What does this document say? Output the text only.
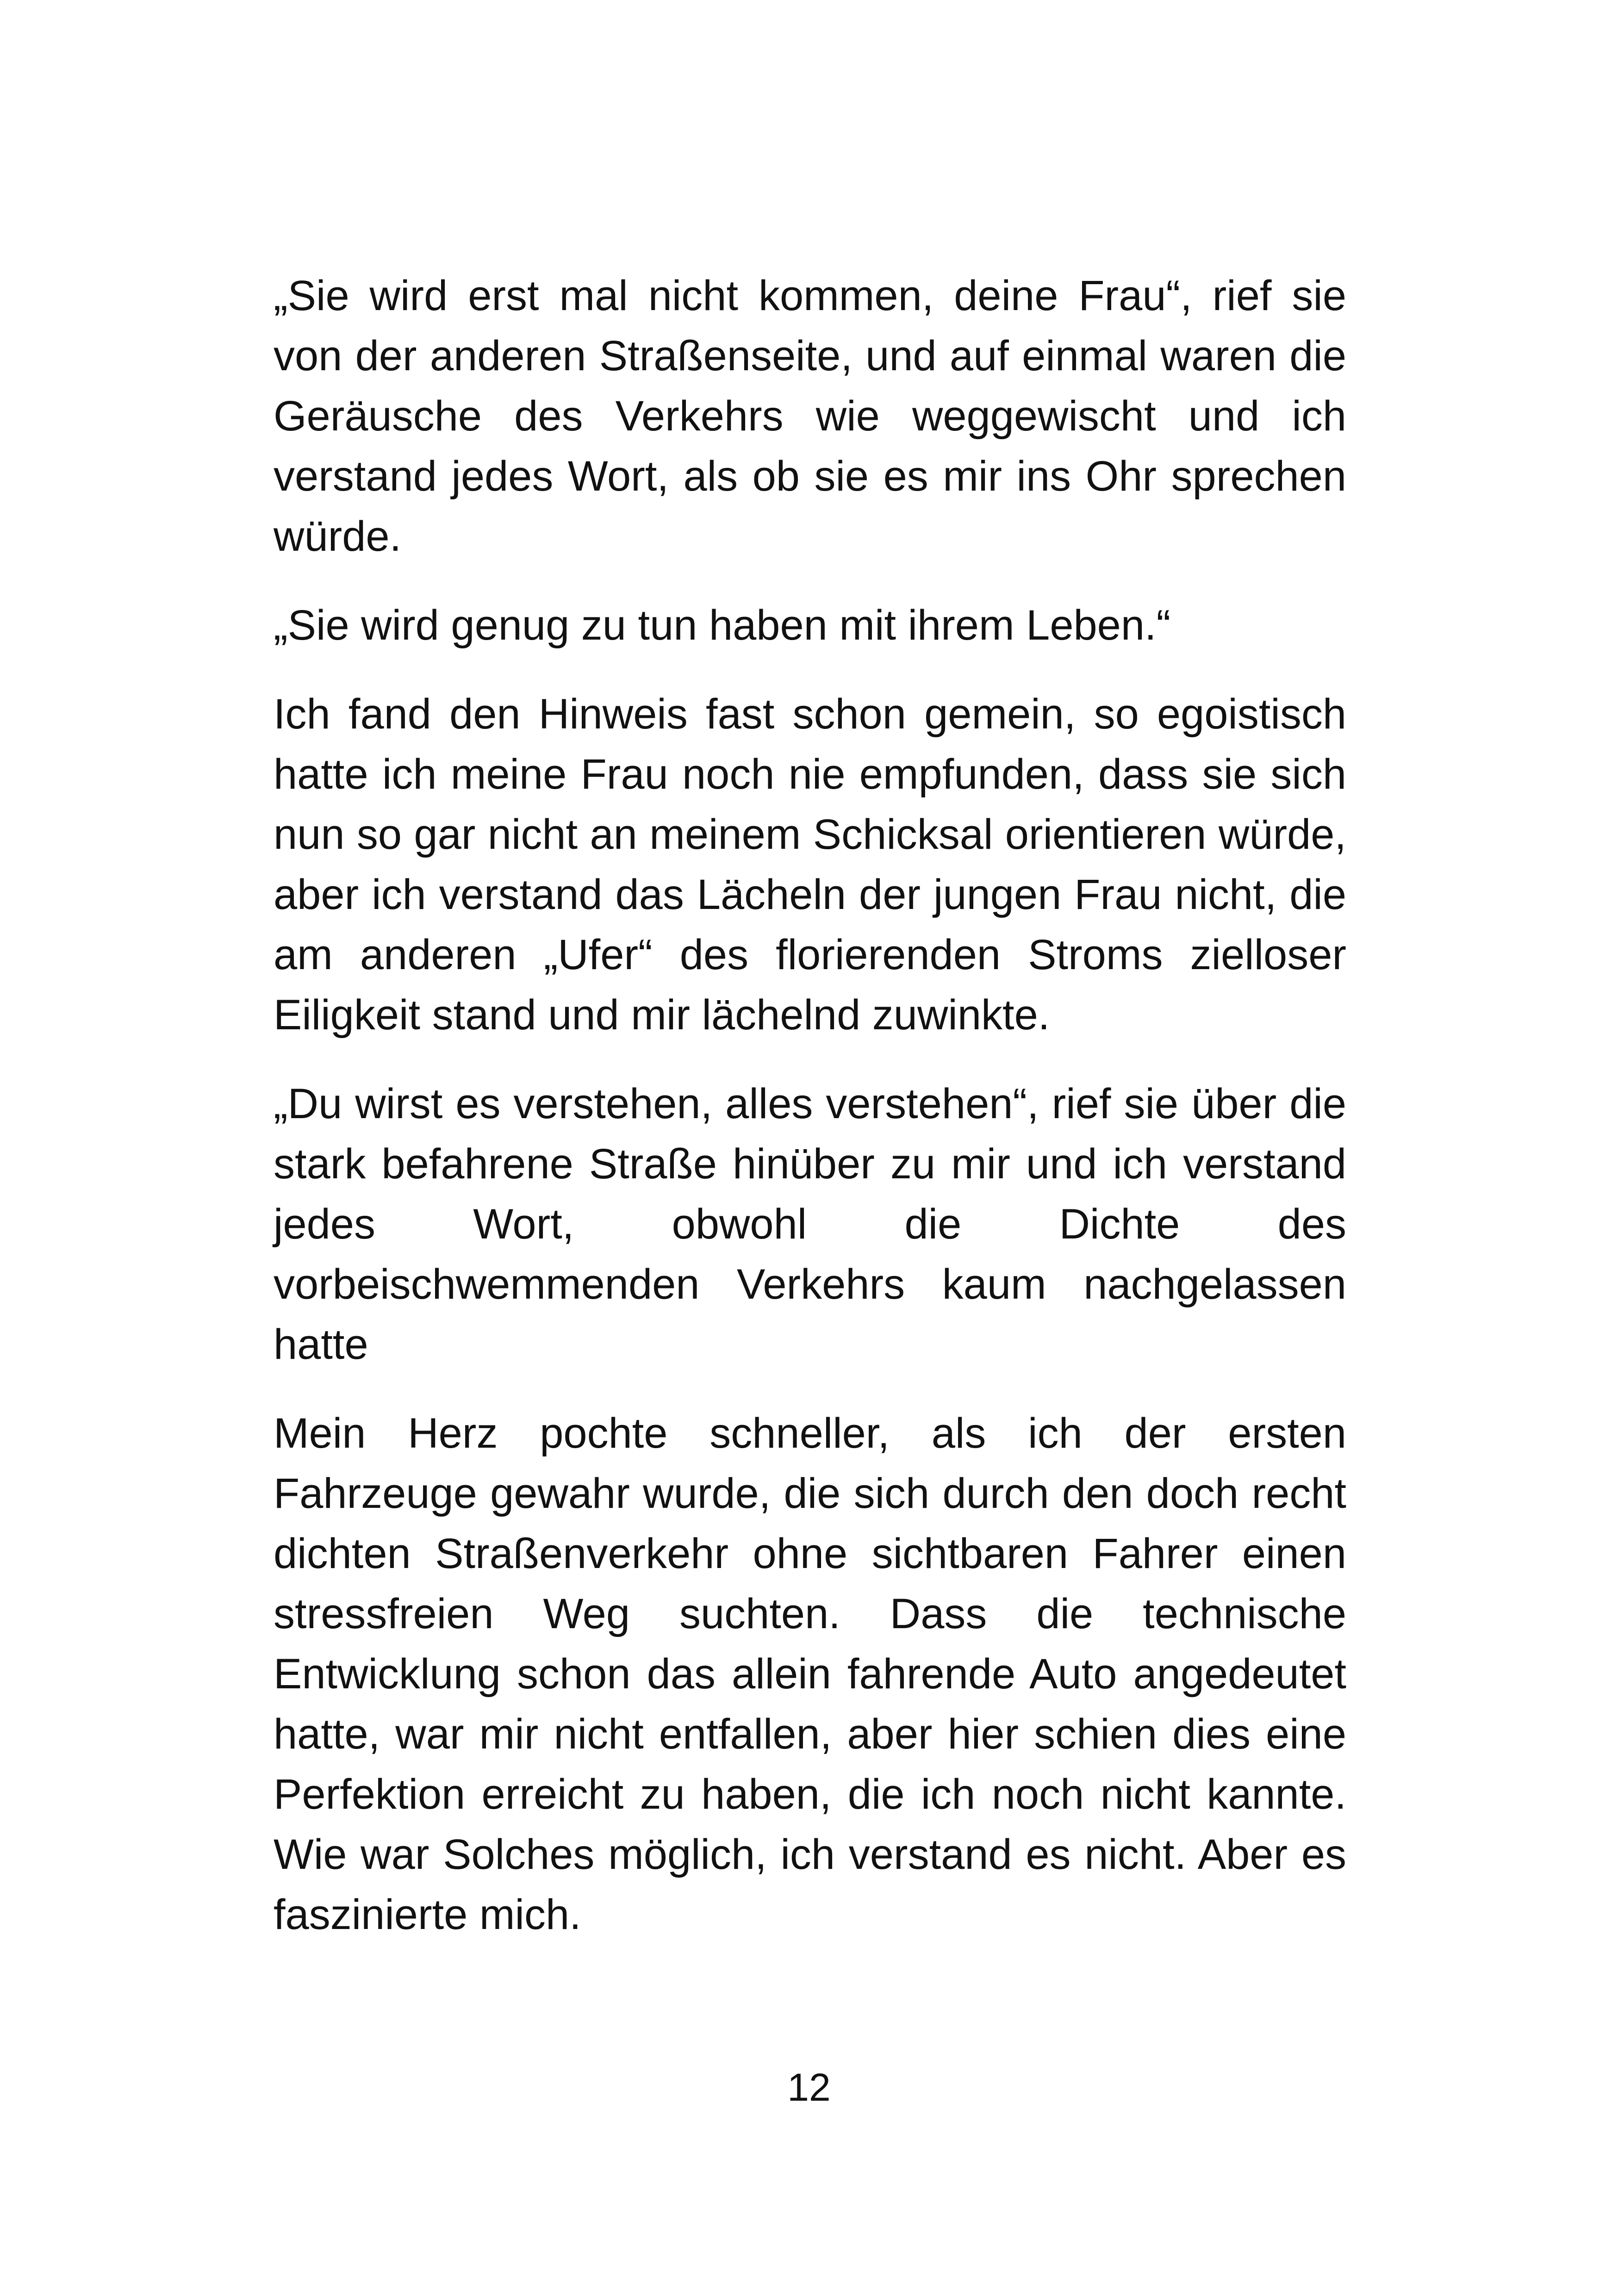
„Sie wird erst mal nicht kommen, deine Frau“, rief sie von der anderen Straßenseite, und auf einmal waren die Geräusche des Verkehrs wie weggewischt und ich verstand jedes Wort, als ob sie es mir ins Ohr sprechen würde.

„Sie wird genug zu tun haben mit ihrem Leben.“

Ich fand den Hinweis fast schon gemein, so egoistisch hatte ich meine Frau noch nie empfunden, dass sie sich nun so gar nicht an meinem Schicksal orientieren würde, aber ich verstand das Lächeln der jungen Frau nicht, die am anderen „Ufer“ des florierenden Stroms zielloser Eiligkeit stand und mir lächelnd zuwinkte.

„Du wirst es verstehen, alles verstehen“, rief sie über die stark befahrene Straße hinüber zu mir und ich verstand jedes Wort, obwohl die Dichte des vorbeischwemmenden Verkehrs kaum nachgelassen hatte

Mein Herz pochte schneller, als ich der ersten Fahrzeuge gewahr wurde, die sich durch den doch recht dichten Straßenverkehr ohne sichtbaren Fahrer einen stressfreien Weg suchten. Dass die technische Entwicklung schon das allein fahrende Auto angedeutet hatte, war mir nicht entfallen, aber hier schien dies eine Perfektion erreicht zu haben, die ich noch nicht kannte. Wie war Solches möglich, ich verstand es nicht. Aber es faszinierte mich.

12
